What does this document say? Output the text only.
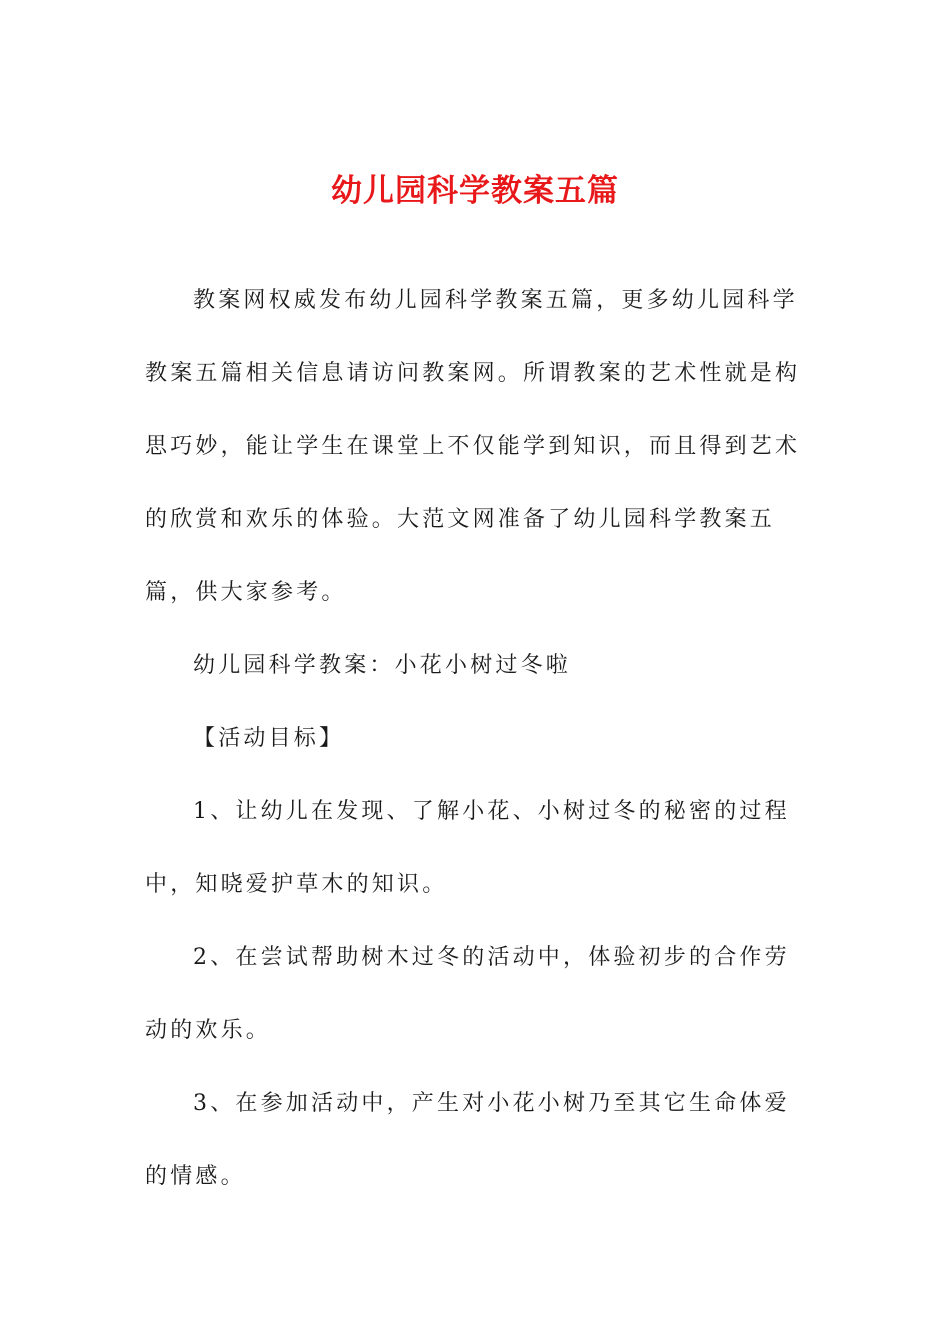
幼儿园科学教案五篇

教案网权威发布幼儿园科学教案五篇，更多幼儿园科学教案五篇相关信息请访问教案网。所谓教案的艺术性就是构思巧妙，能让学生在课堂上不仅能学到知识，而且得到艺术的欣赏和欢乐的体验。大范文网准备了幼儿园科学教案五篇，供大家参考。

幼儿园科学教案：小花小树过冬啦

【活动目标】

1、让幼儿在发现、了解小花、小树过冬的秘密的过程中，知晓爱护草木的知识。

2、在尝试帮助树木过冬的活动中，体验初步的合作劳动的欢乐。

3、在参加活动中，产生对小花小树乃至其它生命体爱的情感。
